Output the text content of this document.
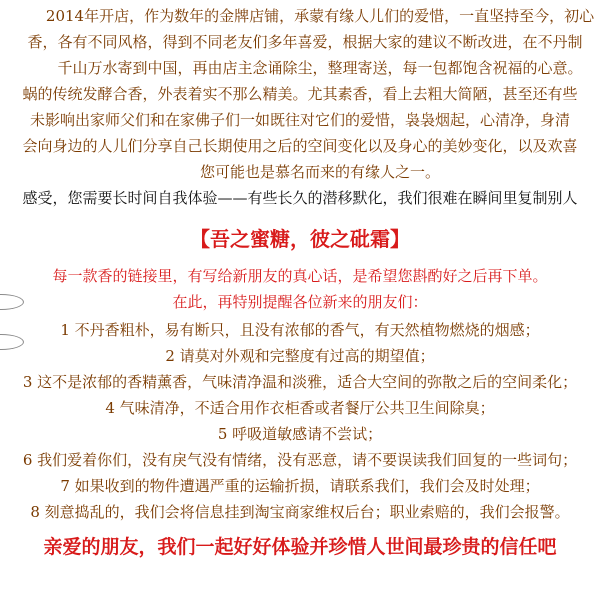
2014年开店，作为数年的金牌店铺，承蒙有缘人儿们的爱惜，一直坚持至今，初心
香，各有不同风格，得到不同老友们多年喜爱，根据大家的建议不断改进，在不丹制
千山万水寄到中国，再由店主念诵除尘，整理寄送，每一包都饱含祝福的心意。
蜗的传统发酵合香，外表着实不那么精美。尤其素香，看上去粗大简陋，甚至还有些
未影响出家师父们和在家佛子们一如既往对它们的爱惜，袅袅烟起，心清净，身清
会向身边的人儿们分享自己长期使用之后的空间变化以及身心的美妙变化，以及欢喜
您可能也是慕名而来的有缘人之一。
感受，您需要长时间自我体验——有些长久的潜移默化，我们很难在瞬间里复制别人
【吾之蜜糖，彼之砒霜】
每一款香的链接里，有写给新朋友的真心话，是希望您斟酌好之后再下单。
在此，再特别提醒各位新来的朋友们：
1 不丹香粗朴，易有断只，且没有浓郁的香气，有天然植物燃烧的烟感；
2 请莫对外观和完整度有过高的期望值；
3 这不是浓郁的香精薰香，气味清净温和淡雅，适合大空间的弥散之后的空间柔化；
4 气味清净，不适合用作衣柜香或者餐厅公共卫生间除臭；
5 呼吸道敏感请不尝试；
6 我们爱着你们，没有戾气没有情绪，没有恶意，请不要误读我们回复的一些词句；
7 如果收到的物件遭遇严重的运输折损，请联系我们，我们会及时处理；
8 刻意捣乱的，我们会将信息挂到淘宝商家维权后台；职业索赔的，我们会报警。
亲爱的朋友，我们一起好好体验并珍惜人世间最珍贵的信任吧
